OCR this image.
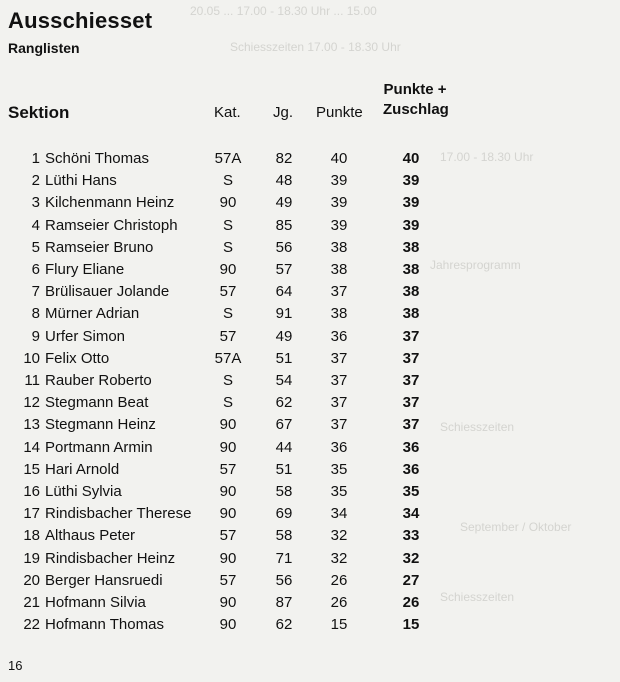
20.05 ... 17.00 - 18.30 Uhr ... 15.00
Schiesszeiten 17.00 - 18.30 Uhr
17.00 - 18.30 Uhr
Jahresprogramm
Schiesszeiten
September / Oktober
Schiesszeiten
Ausschiesset
Ranglisten
Sektion	Kat. Jg. Punkte
Punkte +
Zuschlag
1 Schöni Thomas	57A	82	40	40
2 Lüthi Hans	S	48	39	39
3 Kilchenmann Heinz	90	49	39	39
4 Ramseier Christoph	S	85	39	39
5 Ramseier Bruno	S	56	38	38
6 Flury Eliane	90	57	38	38
7 Brülisauer Jolande	57	64	37	38
8 Mürner Adrian	S	91	38	38
9 Urfer Simon	57	49	36	37
10 Felix Otto	57A	51	37	37
11 Rauber Roberto	S	54	37	37
12 Stegmann Beat	S	62	37	37
13 Stegmann Heinz	90	67	37	37
14 Portmann Armin	90	44	36	36
15 Hari Arnold	57	51	35	36
16 Lüthi Sylvia	90	58	35	35
17 Rindisbacher Therese	90	69	34	34
18 Althaus Peter	57	58	32	33
19 Rindisbacher Heinz	90	71	32	32
20 Berger Hansruedi	57	56	26	27
21 Hofmann Silvia	90	87	26	26
22 Hofmann Thomas	90	62	15	15
16
